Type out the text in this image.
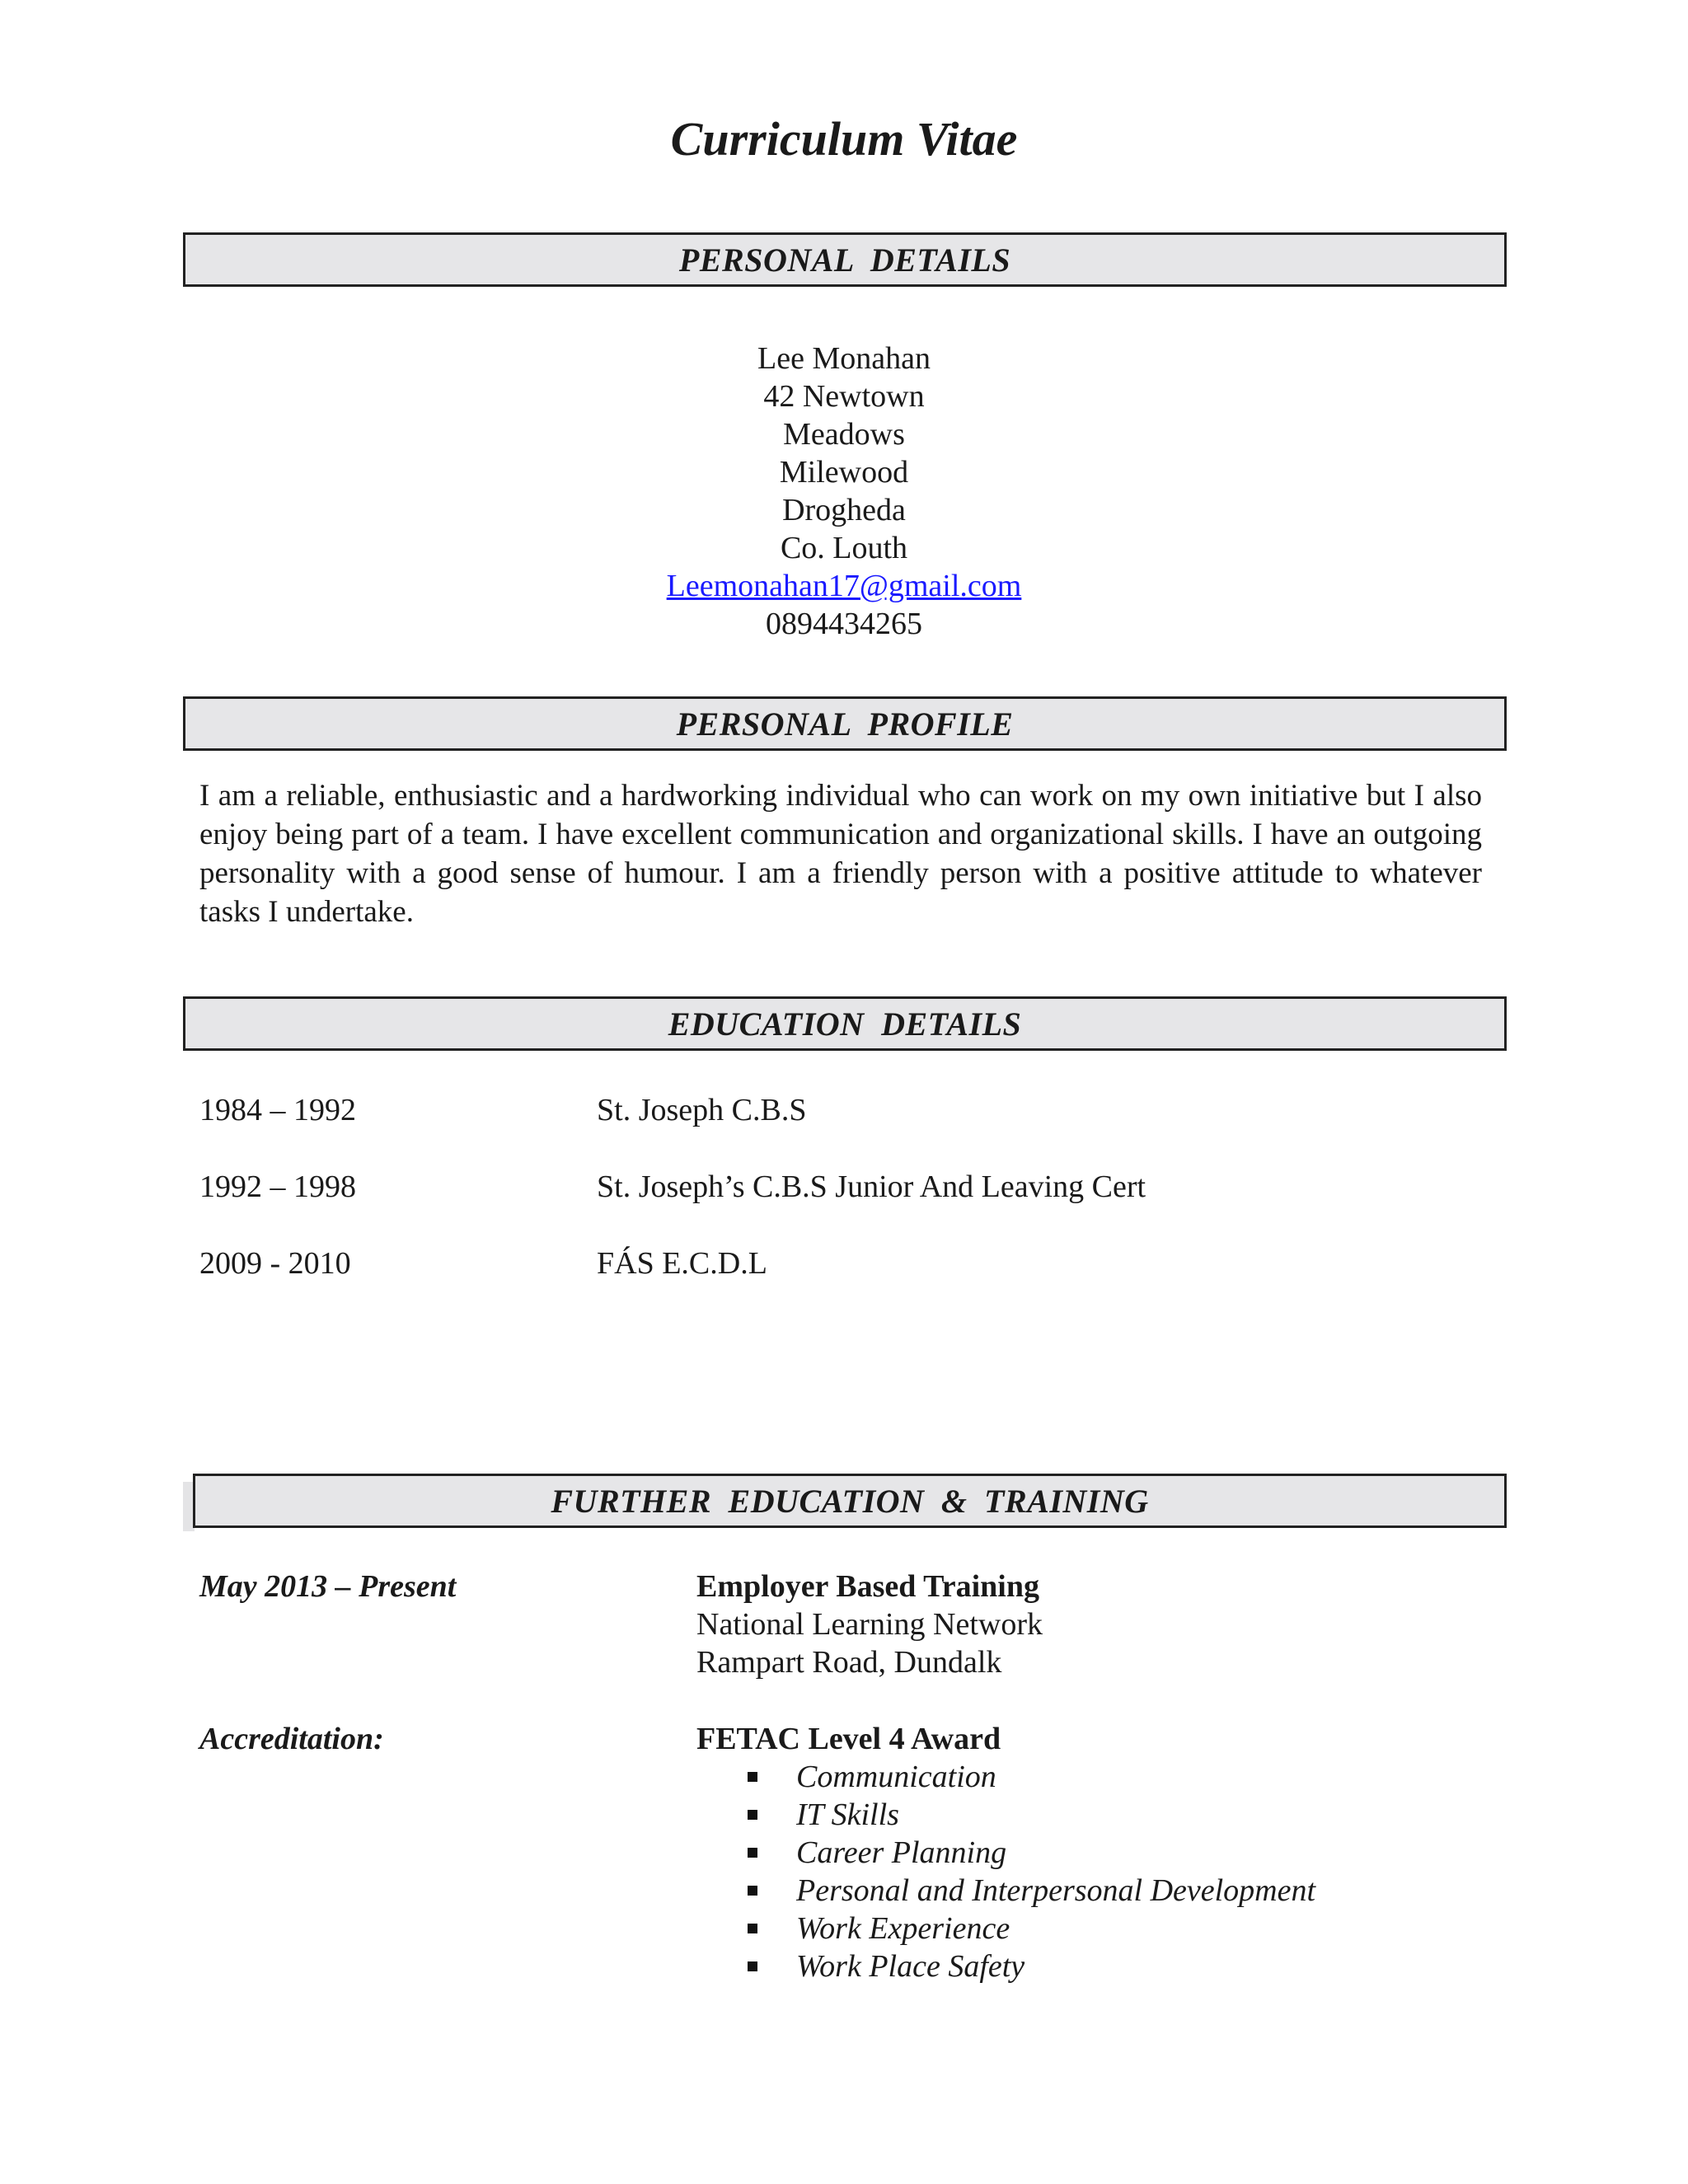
Curriculum Vitae
PERSONAL DETAILS
Lee Monahan
42 Newtown
Meadows
Milewood
Drogheda
Co. Louth
Leemonahan17@gmail.com
0894434265
PERSONAL PROFILE

I am a reliable, enthusiastic and a hardworking individual who can work on my own initiative but I also enjoy being part of a team. I have excellent communication and organizational skills. I have an outgoing personality with a good sense of humour. I am a friendly person with a positive attitude to whatever tasks I undertake.

EDUCATION DETAILS
1984 – 1992	St. Joseph C.B.S
1992 – 1998	St. Joseph’s C.B.S Junior And Leaving Cert
2009 - 2010	FÁS E.C.D.L
FURTHER EDUCATION & TRAINING
May 2013 – Present	Employer Based Training
National Learning Network
Rampart Road, Dundalk
Accreditation:	FETAC Level 4 Award
Communication
IT Skills
Career Planning
Personal and Interpersonal Development
Work Experience
Work Place Safety
